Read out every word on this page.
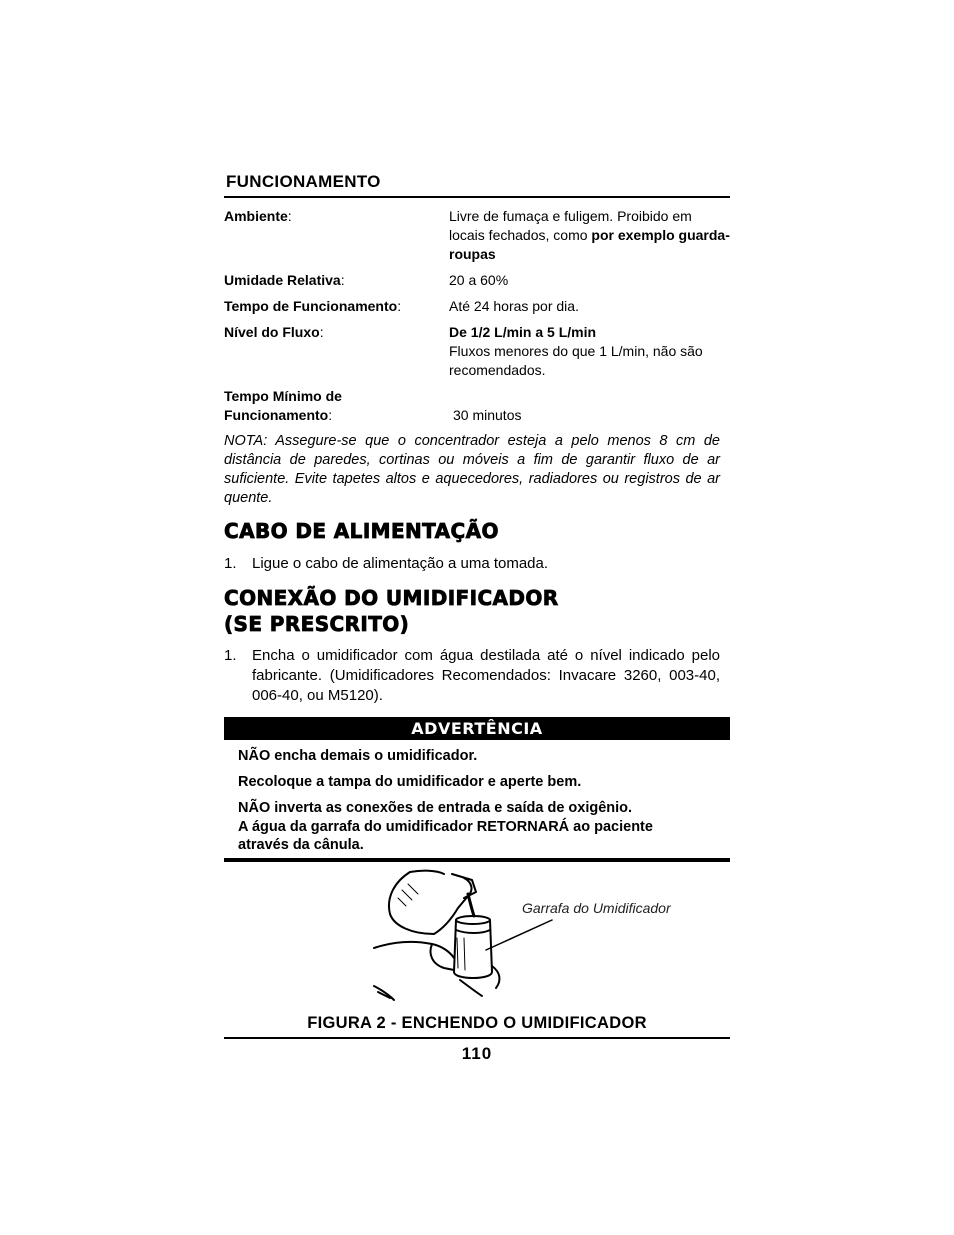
FUNCIONAMENTO
Ambiente:	Livre de fumaça e fuligem. Proibido em locais fechados, como por exemplo guarda-roupas
Umidade Relativa:	20 a 60%
Tempo de Funcionamento:	Até 24 horas por dia.
Nível do Fluxo:	De 1/2 L/min a 5 L/min
Fluxos menores do que 1 L/min, não são recomendados.
Tempo Mínimo de
Funcionamento:	30 minutos
NOTA: Assegure-se que o concentrador esteja a pelo menos 8 cm de distância de paredes, cortinas ou móveis a fim de garantir fluxo de ar suficiente. Evite tapetes altos e aquecedores, radiadores ou registros de ar quente.
CABO DE ALIMENTAÇÃO
1. Ligue o cabo de alimentação a uma tomada.
CONEXÃO DO UMIDIFICADOR
(SE PRESCRITO)
1. Encha o umidificador com água destilada até o nível indicado pelo fabricante. (Umidificadores Recomendados: Invacare 3260, 003-40, 006-40, ou M5120).
ADVERTÊNCIA
NÃO encha demais o umidificador.
Recoloque a tampa do umidificador e aperte bem.
NÃO inverta as conexões de entrada e saída de oxigênio.
A água da garrafa do umidificador RETORNARÁ ao paciente
através da cânula.
Garrafa do Umidificador
FIGURA 2 - ENCHENDO O UMIDIFICADOR
110
